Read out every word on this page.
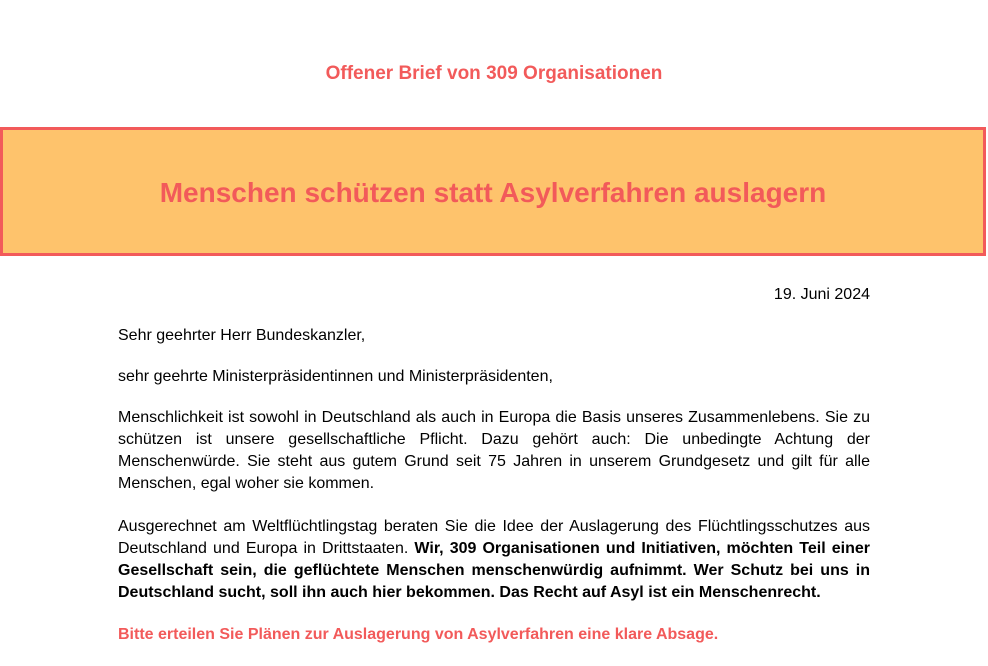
Offener Brief von 309 Organisationen
Menschen schützen statt Asylverfahren auslagern
19. Juni 2024

Sehr geehrter Herr Bundeskanzler,

sehr geehrte Ministerpräsidentinnen und Ministerpräsidenten,

Menschlichkeit ist sowohl in Deutschland als auch in Europa die Basis unseres Zusammenlebens. Sie zu schützen ist unsere gesellschaftliche Pflicht. Dazu gehört auch: Die unbedingte Achtung der Menschenwürde. Sie steht aus gutem Grund seit 75 Jahren in unserem Grundgesetz und gilt für alle Menschen, egal woher sie kommen.

Ausgerechnet am Weltflüchtlingstag beraten Sie die Idee der Auslagerung des Flüchtlingsschutzes aus Deutschland und Europa in Drittstaaten. Wir, 309 Organisationen und Initiativen, möchten Teil einer Gesellschaft sein, die geflüchtete Menschen menschenwürdig aufnimmt. Wer Schutz bei uns in Deutschland sucht, soll ihn auch hier bekommen. Das Recht auf Asyl ist ein Menschenrecht.

Bitte erteilen Sie Plänen zur Auslagerung von Asylverfahren eine klare Absage.
